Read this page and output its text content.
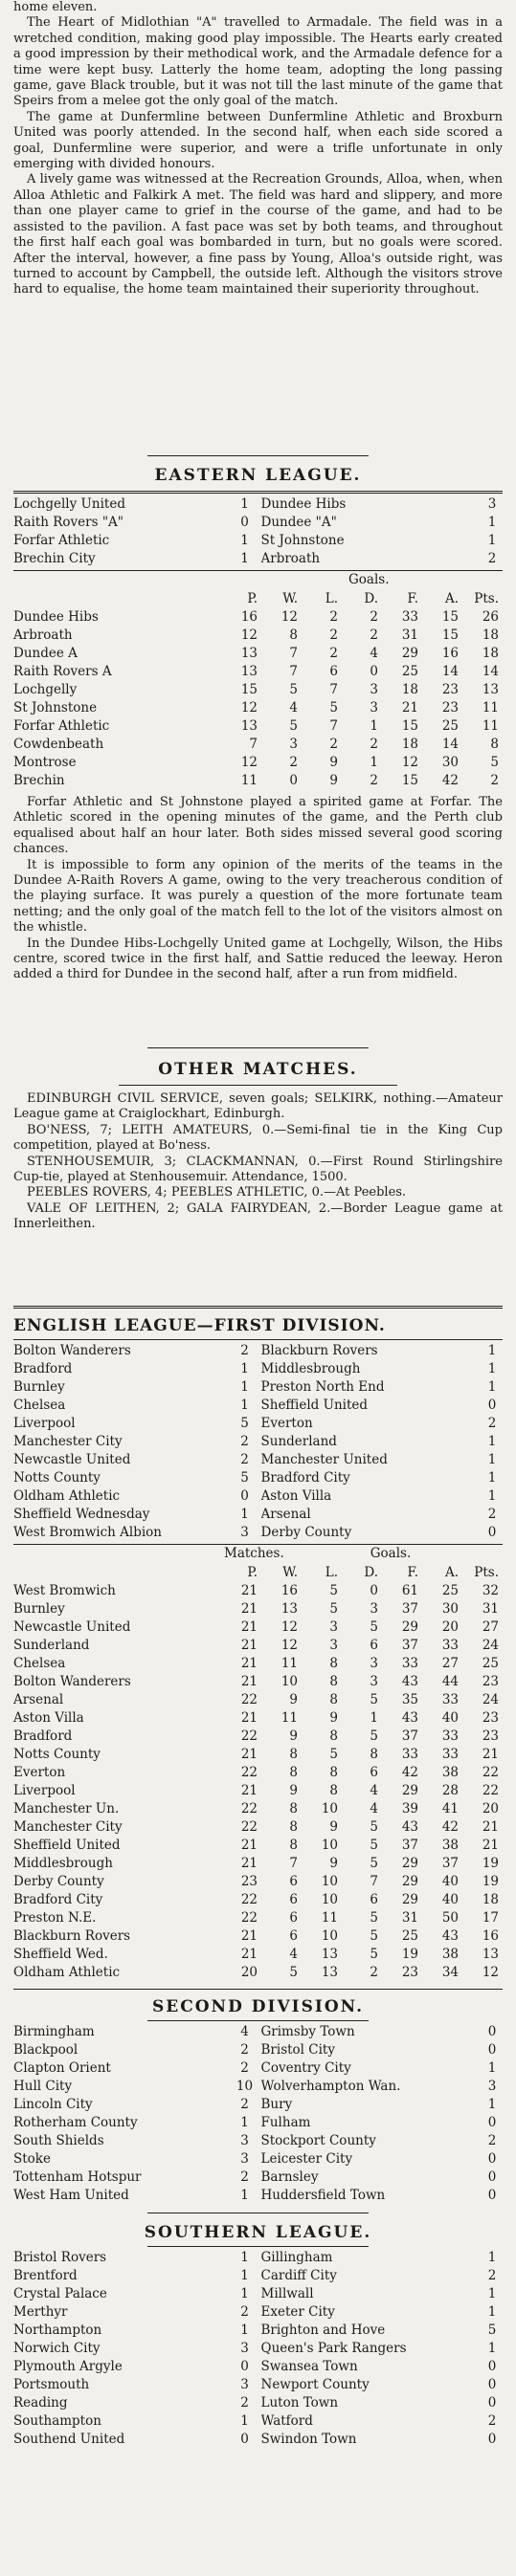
home eleven.

The Heart of Midlothian "A" travelled to Armadale. The field was in a wretched condition, making good play impossible. The Hearts early created a good impression by their methodical work, and the Armadale defence for a time were kept busy. Latterly the home team, adopting the long passing game, gave Black trouble, but it was not till the last minute of the game that Speirs from a melee got the only goal of the match.

The game at Dunfermline between Dunfermline Athletic and Broxburn United was poorly attended. In the second half, when each side scored a goal, Dunfermline were superior, and were a trifle unfortunate in only emerging with divided honours.

A lively game was witnessed at the Recreation Grounds, Alloa, when, when Alloa Athletic and Falkirk A met. The field was hard and slippery, and more than one player came to grief in the course of the game, and had to be assisted to the pavilion. A fast pace was set by both teams, and throughout the first half each goal was bombarded in turn, but no goals were scored. After the interval, however, a fine pass by Young, Alloa's outside right, was turned to account by Campbell, the outside left. Although the visitors strove hard to equalise, the home team maintained their superiority throughout.

EASTERN LEAGUE.
Lochgelly United	1 Dundee Hibs	3
Raith Rovers "A"	0 Dundee "A"	1
Forfar Athletic	1 St Johnstone	1
Brechin City	1 Arbroath	2
Goals.
	P.	W.	L.	D.	F.	A.	Pts.
Dundee Hibs	16	12	2	2	33	15	26
Arbroath	12	8	2	2	31	15	18
Dundee A	13	7	2	4	29	16	18
Raith Rovers A	13	7	6	0	25	14	14
Lochgelly	15	5	7	3	18	23	13
St Johnstone	12	4	5	3	21	23	11
Forfar Athletic	13	5	7	1	15	25	11
Cowdenbeath	7	3	2	2	18	14	8
Montrose	12	2	9	1	12	30	5
Brechin	11	0	9	2	15	42	2

Forfar Athletic and St Johnstone played a spirited game at Forfar. The Athletic scored in the opening minutes of the game, and the Perth club equalised about half an hour later. Both sides missed several good scoring chances.

It is impossible to form any opinion of the merits of the teams in the Dundee A-Raith Rovers A game, owing to the very treacherous condition of the playing surface. It was purely a question of the more fortunate team netting; and the only goal of the match fell to the lot of the visitors almost on the whistle.

In the Dundee Hibs-Lochgelly United game at Lochgelly, Wilson, the Hibs centre, scored twice in the first half, and Sattie reduced the leeway. Heron added a third for Dundee in the second half, after a run from midfield.

OTHER MATCHES.

EDINBURGH CIVIL SERVICE, seven goals; SELKIRK, nothing.—Amateur League game at Craiglockhart, Edinburgh.

BO'NESS, 7; LEITH AMATEURS, 0.—Semi-final tie in the King Cup competition, played at Bo'ness.

STENHOUSEMUIR, 3; CLACKMANNAN, 0.—First Round Stirlingshire Cup-tie, played at Stenhousemuir. Attendance, 1500.

PEEBLES ROVERS, 4; PEEBLES ATHLETIC, 0.—At Peebles.

VALE OF LEITHEN, 2; GALA FAIRYDEAN, 2.—Border League game at Innerleithen.

ENGLISH LEAGUE—FIRST DIVISION.
Bolton Wanderers	2 Blackburn Rovers	1
Bradford	1 Middlesbrough	1
Burnley	1 Preston North End	1
Chelsea	1 Sheffield United	0
Liverpool	5 Everton	2
Manchester City	2 Sunderland	1
Newcastle United	2 Manchester United	1
Notts County	5 Bradford City	1
Oldham Athletic	0 Aston Villa	1
Sheffield Wednesday	1 Arsenal	2
West Bromwich Albion	3 Derby County	0
Matches.	Goals.
	P.	W.	L.	D.	F.	A.	Pts.
West Bromwich	21	16	5	0	61	25	32
Burnley	21	13	5	3	37	30	31
Newcastle United	21	12	3	5	29	20	27
Sunderland	21	12	3	6	37	33	24
Chelsea	21	11	8	3	33	27	25
Bolton Wanderers	21	10	8	3	43	44	23
Arsenal	22	9	8	5	35	33	24
Aston Villa	21	11	9	1	43	40	23
Bradford	22	9	8	5	37	33	23
Notts County	21	8	5	8	33	33	21
Everton	22	8	8	6	42	38	22
Liverpool	21	9	8	4	29	28	22
Manchester Un.	22	8	10	4	39	41	20
Manchester City	22	8	9	5	43	42	21
Sheffield United	21	8	10	5	37	38	21
Middlesbrough	21	7	9	5	29	37	19
Derby County	23	6	10	7	29	40	19
Bradford City	22	6	10	6	29	40	18
Preston N.E.	22	6	11	5	31	50	17
Blackburn Rovers	21	6	10	5	25	43	16
Sheffield Wed.	21	4	13	5	19	38	13
Oldham Athletic	20	5	13	2	23	34	12
SECOND DIVISION.
Birmingham	4 Grimsby Town	0
Blackpool	2 Bristol City	0
Clapton Orient	2 Coventry City	1
Hull City	10 Wolverhampton Wan.	3
Lincoln City	2 Bury	1
Rotherham County	1 Fulham	0
South Shields	3 Stockport County	2
Stoke	3 Leicester City	0
Tottenham Hotspur	2 Barnsley	0
West Ham United	1 Huddersfield Town	0
SOUTHERN LEAGUE.
Bristol Rovers	1 Gillingham	1
Brentford	1 Cardiff City	2
Crystal Palace	1 Millwall	1
Merthyr	2 Exeter City	1
Northampton	1 Brighton and Hove	5
Norwich City	3 Queen's Park Rangers	1
Plymouth Argyle	0 Swansea Town	0
Portsmouth	3 Newport County	0
Reading	2 Luton Town	0
Southampton	1 Watford	2
Southend United	0 Swindon Town	0
